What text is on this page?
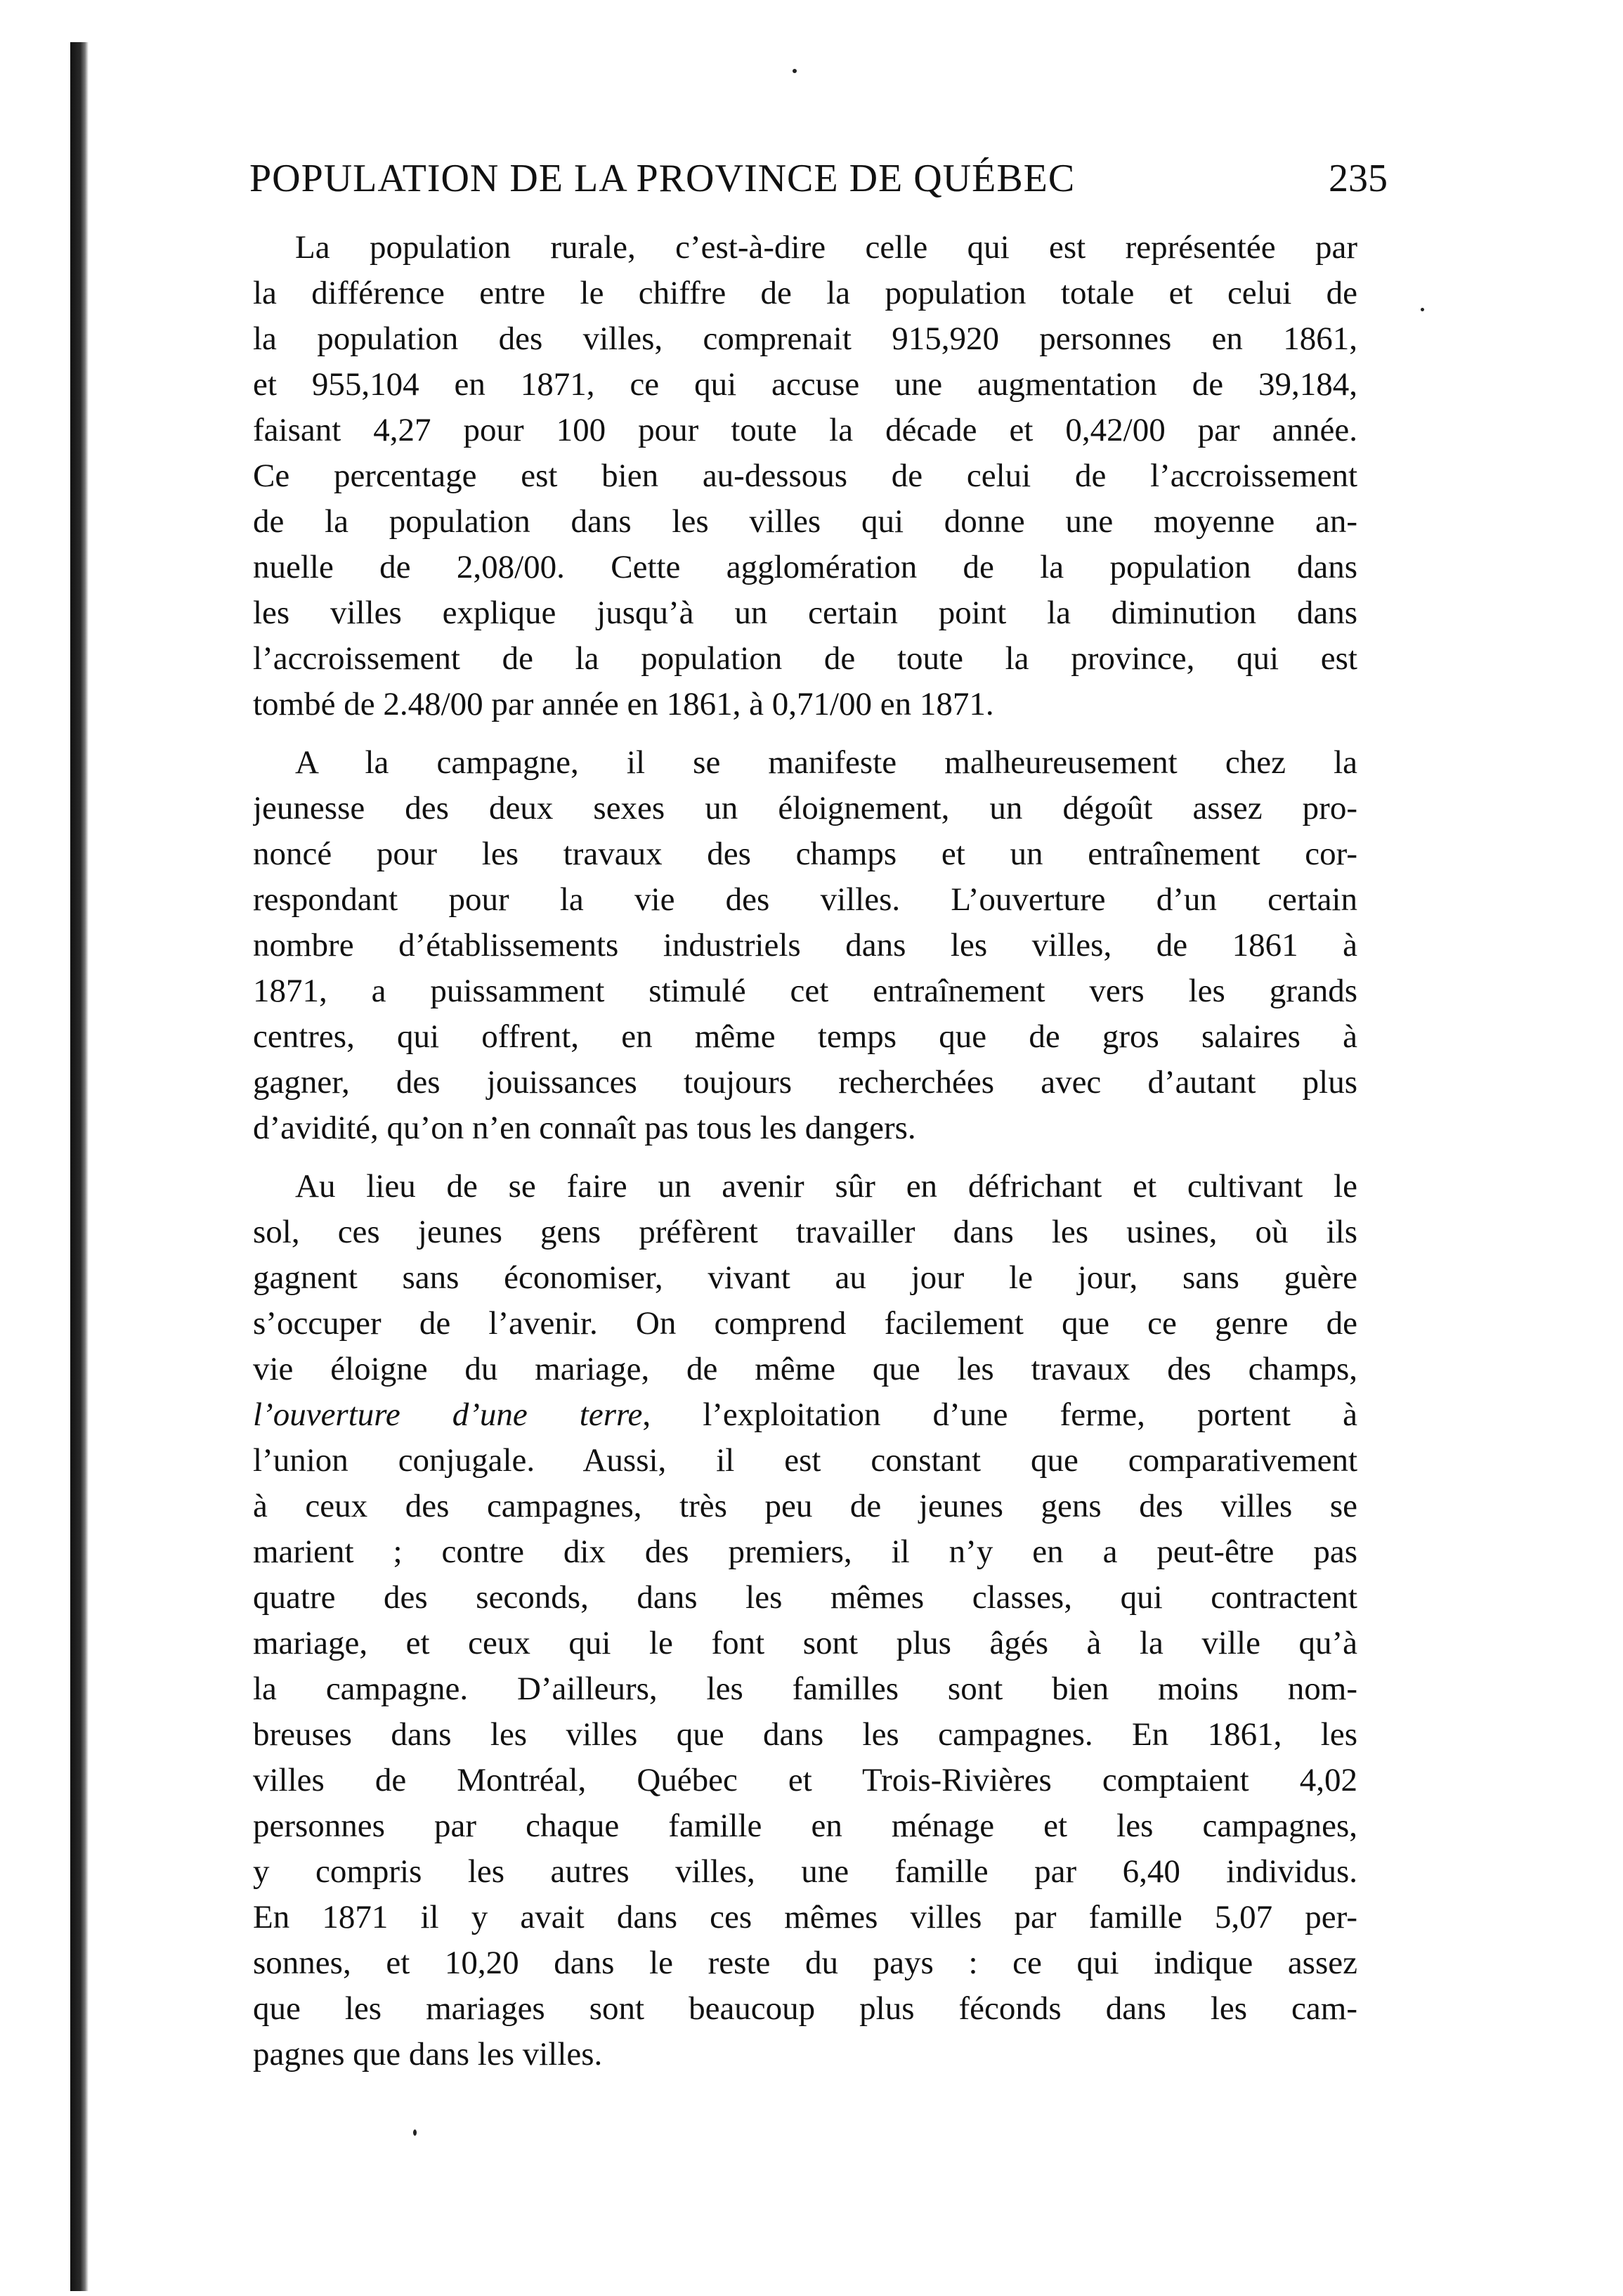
POPULATION DE LA PROVINCE DE QUÉBEC	235
La population rurale, c’est-à-dire celle qui est représentée par
la différence entre le chiffre de la population totale et celui de
la population des villes, comprenait 915,920 personnes en 1861,
et 955,104 en 1871, ce qui accuse une augmentation de 39,184,
faisant 4,27 pour 100 pour toute la décade et 0,42/00 par année.
Ce percentage est bien au-dessous de celui de l’accroissement
de la population dans les villes qui donne une moyenne an-
nuelle de 2,08/00. Cette agglomération de la population dans
les villes explique jusqu’à un certain point la diminution dans
l’accroissement de la population de toute la province, qui est
tombé de 2.48/00 par année en 1861, à 0,71/00 en 1871.
A la campagne, il se manifeste malheureusement chez la
jeunesse des deux sexes un éloignement, un dégoût assez pro-
noncé pour les travaux des champs et un entraînement cor-
respondant pour la vie des villes. L’ouverture d’un certain
nombre d’établissements industriels dans les villes, de 1861 à
1871, a puissamment stimulé cet entraînement vers les grands
centres, qui offrent, en même temps que de gros salaires à
gagner, des jouissances toujours recherchées avec d’autant plus
d’avidité, qu’on n’en connaît pas tous les dangers.
Au lieu de se faire un avenir sûr en défrichant et cultivant le
sol, ces jeunes gens préfèrent travailler dans les usines, où ils
gagnent sans économiser, vivant au jour le jour, sans guère
s’occuper de l’avenir. On comprend facilement que ce genre de
vie éloigne du mariage, de même que les travaux des champs,
l’ouverture d’une terre, l’exploitation d’une ferme, portent à
l’union conjugale. Aussi, il est constant que comparativement
à ceux des campagnes, très peu de jeunes gens des villes se
marient ; contre dix des premiers, il n’y en a peut-être pas
quatre des seconds, dans les mêmes classes, qui contractent
mariage, et ceux qui le font sont plus âgés à la ville qu’à
la campagne. D’ailleurs, les familles sont bien moins nom-
breuses dans les villes que dans les campagnes. En 1861, les
villes de Montréal, Québec et Trois-Rivières comptaient 4,02
personnes par chaque famille en ménage et les campagnes,
y compris les autres villes, une famille par 6,40 individus.
En 1871 il y avait dans ces mêmes villes par famille 5,07 per-
sonnes, et 10,20 dans le reste du pays : ce qui indique assez
que les mariages sont beaucoup plus féconds dans les cam-
pagnes que dans les villes.
